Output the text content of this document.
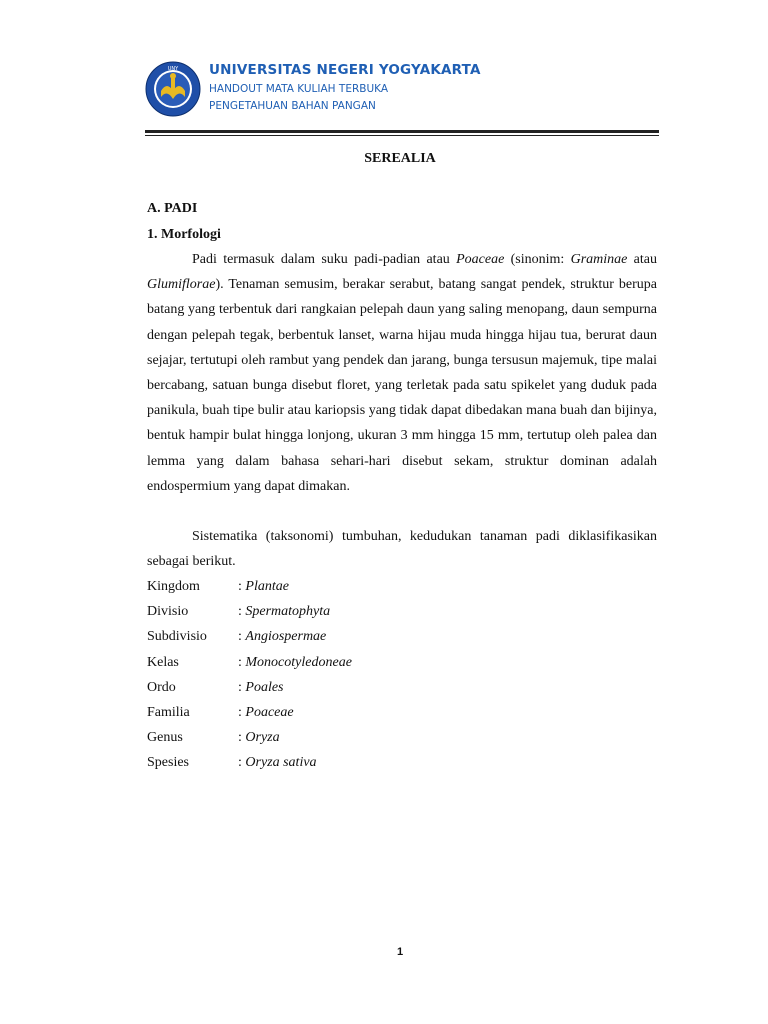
UNY UNIVERSITAS NEGERI YOGYAKARTA
HANDOUT MATA KULIAH TERBUKA
PENGETAHUAN BAHAN PANGAN
SEREALIA
A. PADI
1. Morfologi
Padi termasuk dalam suku padi-padian atau Poaceae (sinonim: Graminae atau Glumiflorae). Tenaman semusim, berakar serabut, batang sangat pendek, struktur berupa batang yang terbentuk dari rangkaian pelepah daun yang saling menopang, daun sempurna dengan pelepah tegak, berbentuk lanset, warna hijau muda hingga hijau tua, berurat daun sejajar, tertutupi oleh rambut yang pendek dan jarang, bunga tersusun majemuk, tipe malai bercabang, satuan bunga disebut floret, yang terletak pada satu spikelet yang duduk pada panikula, buah tipe bulir atau kariopsis yang tidak dapat dibedakan mana buah dan bijinya, bentuk hampir bulat hingga lonjong, ukuran 3 mm hingga 15 mm, tertutup oleh palea dan lemma yang dalam bahasa sehari-hari disebut sekam, struktur dominan adalah endospermium yang dapat dimakan.
Sistematika (taksonomi) tumbuhan, kedudukan tanaman padi diklasifikasikan sebagai berikut.
Kingdom	: Plantae
Divisio	: Spermatophyta
Subdivisio : Angiospermae
Kelas	: Monocotyledoneae
Ordo	: Poales
Familia	: Poaceae
Genus	: Oryza
Spesies	: Oryza sativa
1
